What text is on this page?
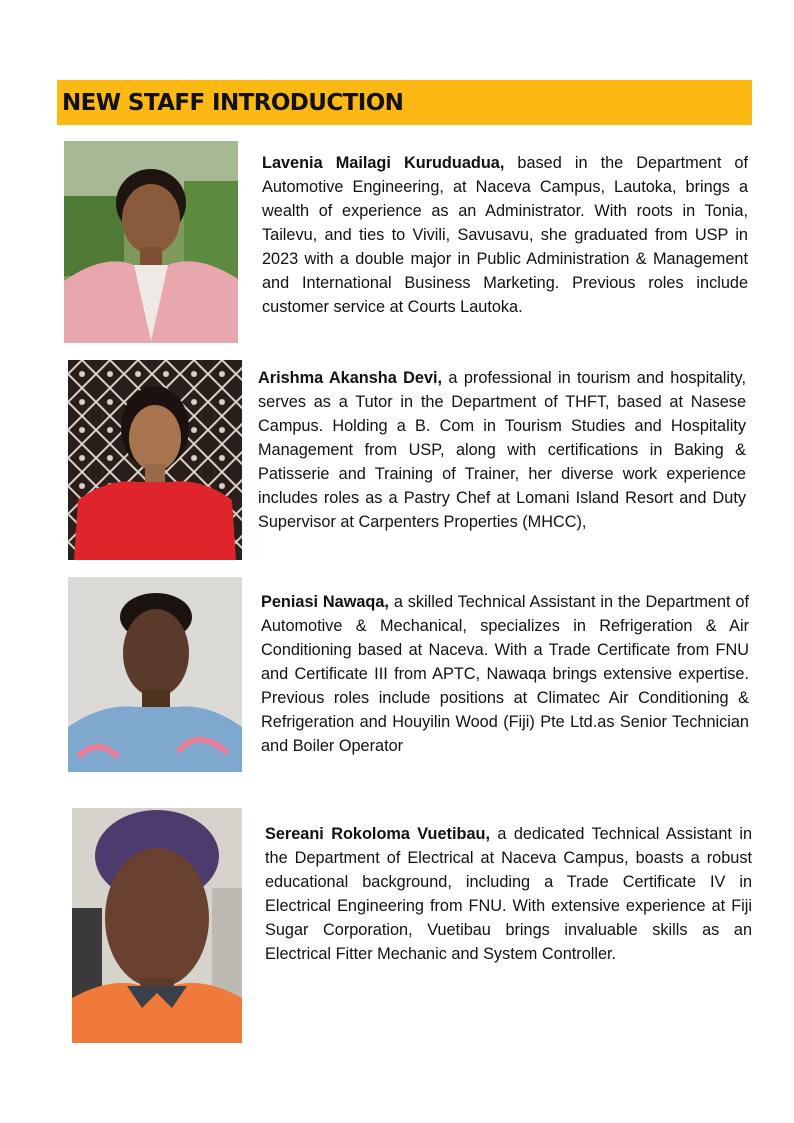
NEW STAFF INTRODUCTION

Lavenia Mailagi Kuruduadua, based in the Department of Automotive Engineering, at Naceva Campus, Lautoka, brings a wealth of experience as an Administrator. With roots in Tonia, Tailevu, and ties to Vivili, Savusavu, she graduated from USP in 2023 with a double major in Public Administration & Management and International Business Marketing. Previous roles include customer service at Courts Lautoka.

Arishma Akansha Devi, a professional in tourism and hospitality, serves as a Tutor in the Department of THFT, based at Nasese Campus. Holding a B. Com in Tourism Studies and Hospitality Management from USP, along with certifications in Baking & Patisserie and Training of Trainer, her diverse work experience includes roles as a Pastry Chef at Lomani Island Resort and Duty Supervisor at Carpenters Properties (MHCC),

Peniasi Nawaqa, a skilled Technical Assistant in the Department of Automotive & Mechanical, specializes in Refrigeration & Air Conditioning based at Naceva. With a Trade Certificate from FNU and Certificate III from APTC, Nawaqa brings extensive expertise. Previous roles include positions at Climatec Air Conditioning & Refrigeration and Houyilin Wood (Fiji) Pte Ltd.as Senior Technician and Boiler Operator

Sereani Rokoloma Vuetibau, a dedicated Technical Assistant in the Department of Electrical at Naceva Campus, boasts a robust educational background, including a Trade Certificate IV in Electrical Engineering from FNU. With extensive experience at Fiji Sugar Corporation, Vuetibau brings invaluable skills as an Electrical Fitter Mechanic and System Controller.
